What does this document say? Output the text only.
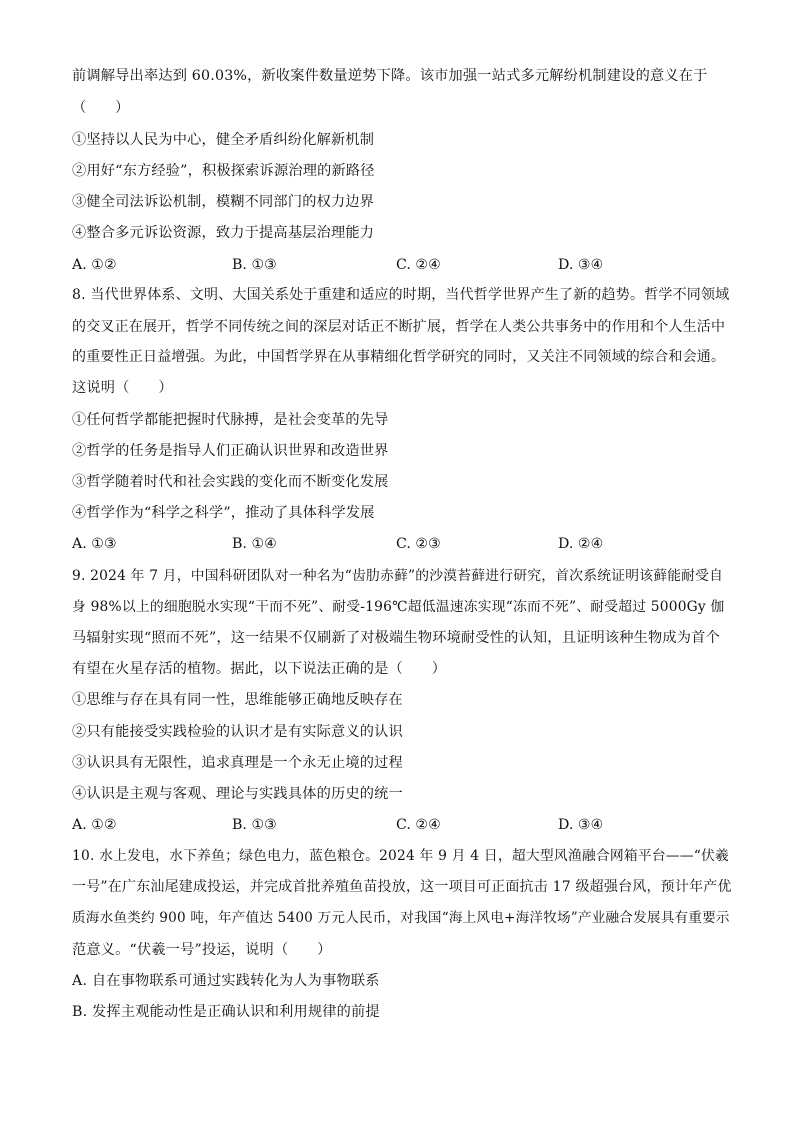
前调解导出率达到 60.03%，新收案件数量逆势下降。该市加强一站式多元解纷机制建设的意义在于
（　　）
①坚持以人民为中心，健全矛盾纠纷化解新机制
②用好“东方经验”，积极探索诉源治理的新路径
③健全司法诉讼机制，模糊不同部门的权力边界
④整合多元诉讼资源，致力于提高基层治理能力
A. ①②	B. ①③	C. ②④	D. ③④
8. 当代世界体系、文明、大国关系处于重建和适应的时期，当代哲学世界产生了新的趋势。哲学不同领域
的交叉正在展开，哲学不同传统之间的深层对话正不断扩展，哲学在人类公共事务中的作用和个人生活中
的重要性正日益增强。为此，中国哲学界在从事精细化哲学研究的同时，又关注不同领域的综合和会通。
这说明（　　）
①任何哲学都能把握时代脉搏，是社会变革的先导
②哲学的任务是指导人们正确认识世界和改造世界
③哲学随着时代和社会实践的变化而不断变化发展
④哲学作为“科学之科学”，推动了具体科学发展
A. ①③	B. ①④	C. ②③	D. ②④
9. 2024 年 7 月，中国科研团队对一种名为“齿肋赤藓”的沙漠苔藓进行研究，首次系统证明该藓能耐受自
身 98%以上的细胞脱水实现“干而不死”、耐受-196℃超低温速冻实现“冻而不死”、耐受超过 5000Gy 伽
马辐射实现“照而不死”，这一结果不仅刷新了对极端生物环境耐受性的认知，且证明该种生物成为首个
有望在火星存活的植物。据此，以下说法正确的是（　　）
①思维与存在具有同一性，思维能够正确地反映存在
②只有能接受实践检验的认识才是有实际意义的认识
③认识具有无限性，追求真理是一个永无止境的过程
④认识是主观与客观、理论与实践具体的历史的统一
A. ①②	B. ①③	C. ②④	D. ③④
10. 水上发电，水下养鱼；绿色电力，蓝色粮仓。2024 年 9 月 4 日，超大型风渔融合网箱平台——“伏羲
一号”在广东汕尾建成投运，并完成首批养殖鱼苗投放，这一项目可正面抗击 17 级超强台风，预计年产优
质海水鱼类约 900 吨，年产值达 5400 万元人民币，对我国“海上风电+海洋牧场”产业融合发展具有重要示
范意义。“伏羲一号”投运，说明（　　）
A. 自在事物联系可通过实践转化为人为事物联系
B. 发挥主观能动性是正确认识和利用规律的前提
